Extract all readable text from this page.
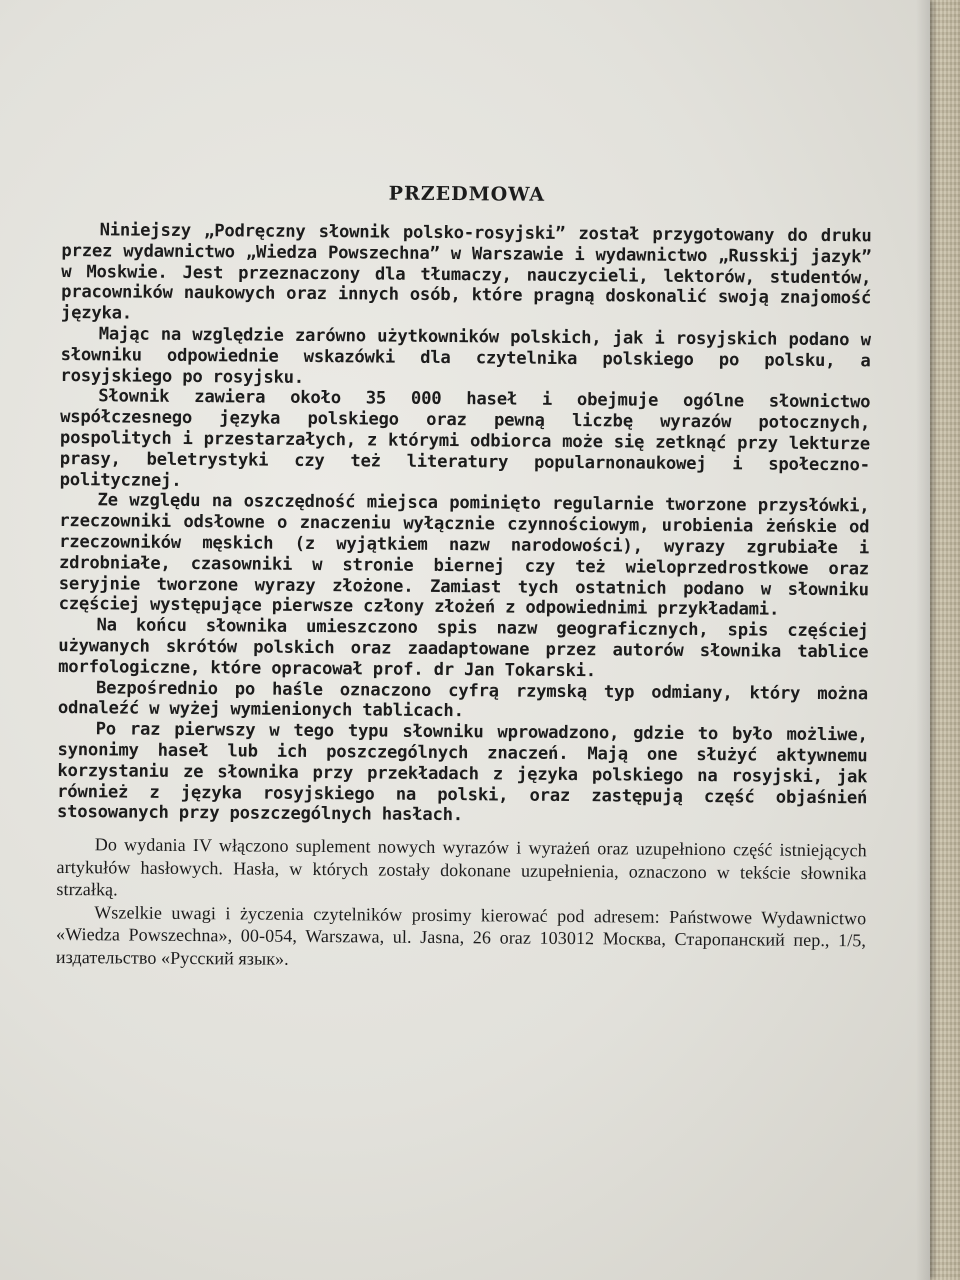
PRZEDMOWA

Niniejszy „Podręczny słownik polsko-rosyjski” został przygotowany do druku przez wydawnictwo „Wiedza Powszechna” w Warszawie i wydawnictwo „Russkij jazyk” w Moskwie. Jest przeznaczony dla tłumaczy, nauczycieli, lektorów, studentów, pracowników naukowych oraz innych osób, które pragną doskonalić swoją znajomość języka.

Mając na względzie zarówno użytkowników polskich, jak i rosyjskich podano w słowniku odpowiednie wskazówki dla czytelnika polskiego po polsku, a rosyjskiego po rosyjsku.

Słownik zawiera około 35 000 haseł i obejmuje ogólne słownictwo współczesnego języka polskiego oraz pewną liczbę wyrazów potocznych, pospolitych i przestarzałych, z którymi odbiorca może się zetknąć przy lekturze prasy, beletrystyki czy też literatury popularnonaukowej i społeczno-politycznej.

Ze względu na oszczędność miejsca pominięto regularnie tworzone przysłówki, rzeczowniki odsłowne o znaczeniu wyłącznie czynnościowym, urobienia żeńskie od rzeczowników męskich (z wyjątkiem nazw narodowości), wyrazy zgrubiałe i zdrobniałe, czasowniki w stronie biernej czy też wieloprzedrostkowe oraz seryjnie tworzone wyrazy złożone. Zamiast tych ostatnich podano w słowniku częściej występujące pierwsze człony złożeń z odpowiednimi przykładami.

Na końcu słownika umieszczono spis nazw geograficznych, spis częściej używanych skrótów polskich oraz zaadaptowane przez autorów słownika tablice morfologiczne, które opracował prof. dr Jan Tokarski.

Bezpośrednio po haśle oznaczono cyfrą rzymską typ odmiany, który można odnaleźć w wyżej wymienionych tablicach.

Po raz pierwszy w tego typu słowniku wprowadzono, gdzie to było możliwe, synonimy haseł lub ich poszczególnych znaczeń. Mają one służyć aktywnemu korzystaniu ze słownika przy przekładach z języka polskiego na rosyjski, jak również z języka rosyjskiego na polski, oraz zastępują część objaśnień stosowanych przy poszczególnych hasłach.

Do wydania IV włączono suplement nowych wyrazów i wyrażeń oraz uzupełniono część istniejących artykułów hasłowych. Hasła, w których zostały dokonane uzupełnienia, oznaczono w tekście słownika strzałką.

Wszelkie uwagi i życzenia czytelników prosimy kierować pod adresem: Państwowe Wydawnictwo «Wiedza Powszechna», 00-054, Warszawa, ul. Jasna, 26 oraz 103012 Москва, Старопанский пер., 1/5, издательство «Русский язык».
